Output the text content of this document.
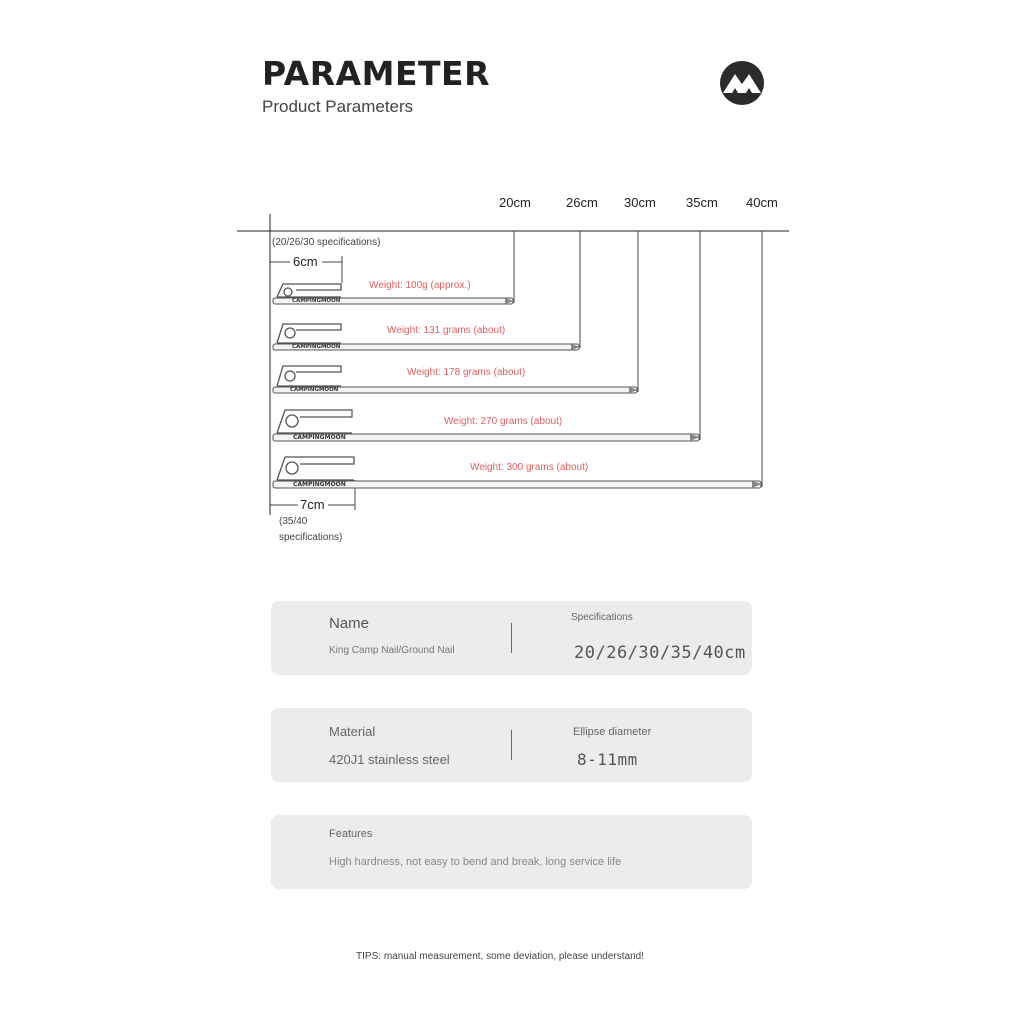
PARAMETER
Product Parameters
20cm	26cm 30cm 35cm 40cm
(20/26/30 specifications)
6cm
7cm
(35/40
specifications)
CAMPINGMOON
CAMPINGMOON
CAMPINGMOON
CAMPINGMOON
CAMPINGMOON
Weight: 100g (approx.)
Weight: 131 grams (about)
Weight: 178 grams (about)
Weight: 270 grams (about)
Weight: 300 grams (about)
Name
King Camp Nail/Ground Nail
Specifications
20/26/30/35/40cm
Material
420J1 stainless steel
Ellipse diameter
8-11mm
Features
High hardness, not easy to bend and break, long service life
TIPS: manual measurement, some deviation, please understand!
